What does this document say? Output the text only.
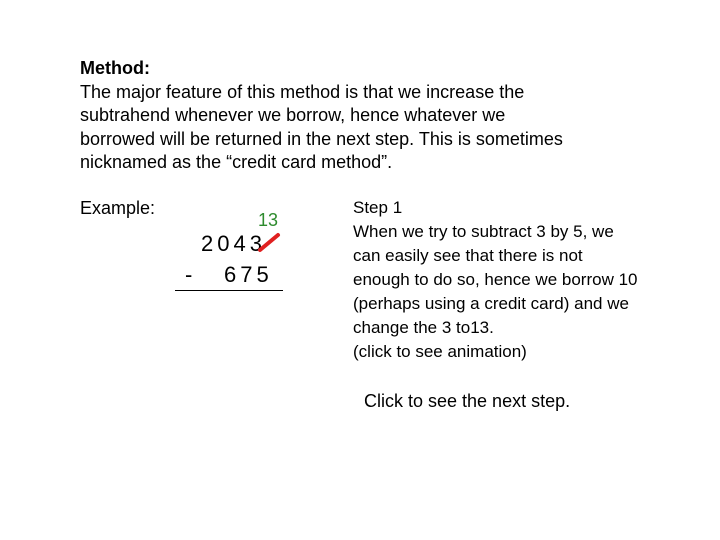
Method:
The major feature of this method is that we increase the
subtrahend whenever we borrow, hence whatever we
borrowed will be returned in the next step. This is sometimes
nicknamed as the “credit card method”.
Example:
13
2043
- 675
Step 1
When we try to subtract 3 by 5, we
can easily see that there is not
enough to do so, hence we borrow 10
(perhaps using a credit card) and we
change the 3 to13.
(click to see animation)
Click to see the next step.
